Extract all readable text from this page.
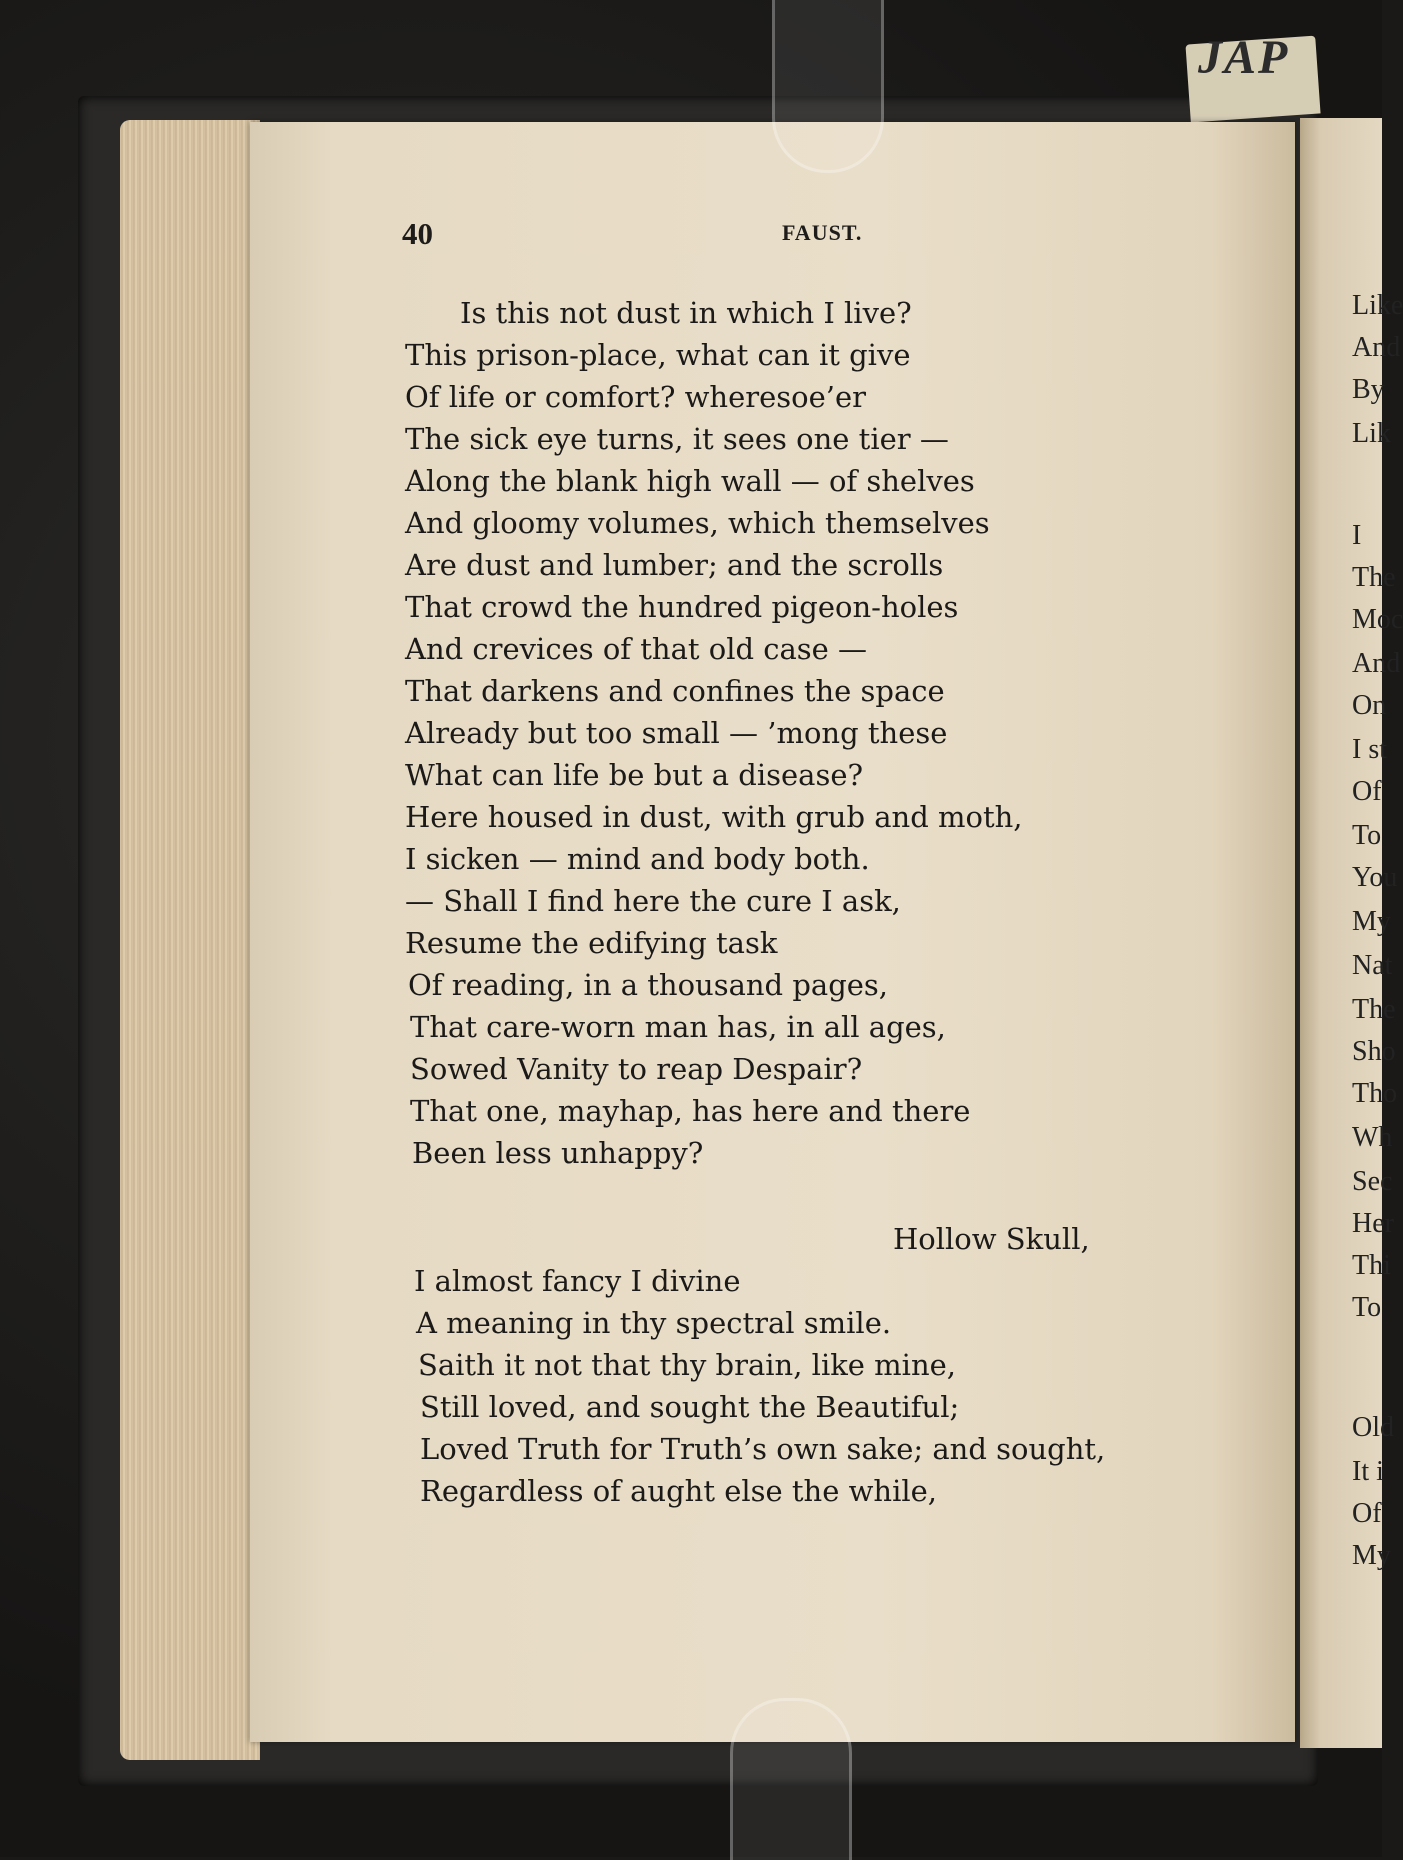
JAP
Like
And
By
Lik
I
The
Moc
And
On
I st
Of
To
You
My
Nat
The
Sho
Tho
Wh
Sec
Her
Thi
To
Old
It i
Of
My
40	FAUST.
Is this not dust in which I live?
This prison-place, what can it give
Of life or comfort? wheresoe’er
The sick eye turns, it sees one tier —
Along the blank high wall — of shelves
And gloomy volumes, which themselves
Are dust and lumber; and the scrolls
That crowd the hundred pigeon-holes
And crevices of that old case —
That darkens and confines the space
Already but too small — ’mong these
What can life be but a disease?
Here housed in dust, with grub and moth,
I sicken — mind and body both.
— Shall I find here the cure I ask,
Resume the edifying task
Of reading, in a thousand pages,
That care-worn man has, in all ages,
Sowed Vanity to reap Despair?
That one, mayhap, has here and there
Been less unhappy?
Hollow Skull,
I almost fancy I divine
A meaning in thy spectral smile.
Saith it not that thy brain, like mine,
Still loved, and sought the Beautiful;
Loved Truth for Truth’s own sake; and sought,
Regardless of aught else the while,
